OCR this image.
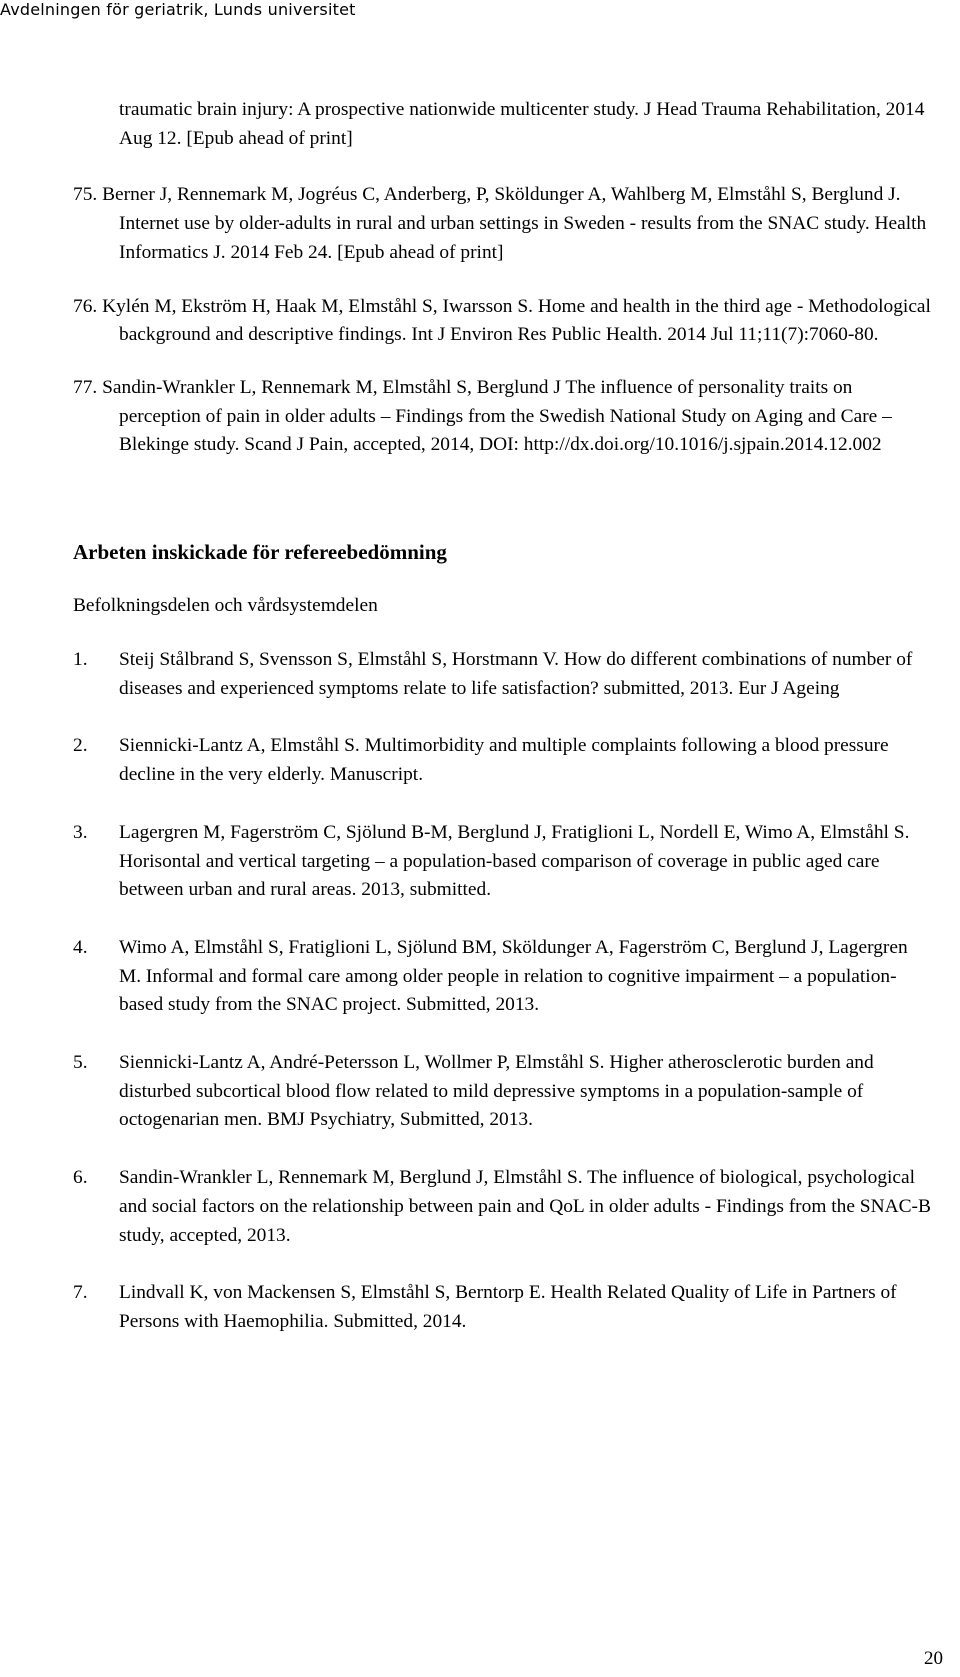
Avdelningen för geriatrik, Lunds universitet
traumatic brain injury: A prospective nationwide multicenter study. J Head Trauma Rehabilitation, 2014 Aug 12. [Epub ahead of print]
75. Berner J, Rennemark M, Jogréus C, Anderberg, P, Sköldunger A, Wahlberg M, Elmståhl S, Berglund J. Internet use by older-adults in rural and urban settings in Sweden - results from the SNAC study. Health Informatics J. 2014 Feb 24. [Epub ahead of print]
76. Kylén M, Ekström H, Haak M, Elmståhl S, Iwarsson S. Home and health in the third age - Methodological background and descriptive findings. Int J Environ Res Public Health. 2014 Jul 11;11(7):7060-80.
77. Sandin-Wrankler L, Rennemark M, Elmståhl S, Berglund J The influence of personality traits on perception of pain in older adults – Findings from the Swedish National Study on Aging and Care – Blekinge study. Scand J Pain, accepted, 2014, DOI: http://dx.doi.org/10.1016/j.sjpain.2014.12.002
Arbeten inskickade för refereebedömning

Befolkningsdelen och vårdsystemdelen

1.	Steij Stålbrand S, Svensson S, Elmståhl S, Horstmann V. How do different combinations of number of diseases and experienced symptoms relate to life satisfaction? submitted, 2013. Eur J Ageing
2.	Siennicki-Lantz A, Elmståhl S. Multimorbidity and multiple complaints following a blood pressure decline in the very elderly. Manuscript.
3.	Lagergren M, Fagerström C, Sjölund B-M, Berglund J, Fratiglioni L, Nordell E, Wimo A, Elmståhl S. Horisontal and vertical targeting – a population-based comparison of coverage in public aged care between urban and rural areas. 2013, submitted.
4.	Wimo A, Elmståhl S, Fratiglioni L, Sjölund BM, Sköldunger A, Fagerström C, Berglund J, Lagergren M. Informal and formal care among older people in relation to cognitive impairment – a population-based study from the SNAC project. Submitted, 2013.
5.	Siennicki-Lantz A, André-Petersson L, Wollmer P, Elmståhl S. Higher atherosclerotic burden and disturbed subcortical blood flow related to mild depressive symptoms in a population-sample of octogenarian men. BMJ Psychiatry, Submitted, 2013.
6.	Sandin-Wrankler L, Rennemark M, Berglund J, Elmståhl S. The influence of biological, psychological and social factors on the relationship between pain and QoL in older adults - Findings from the SNAC-B study, accepted, 2013.
7.	Lindvall K, von Mackensen S, Elmståhl S, Berntorp E. Health Related Quality of Life in Partners of Persons with Haemophilia. Submitted, 2014.
20
